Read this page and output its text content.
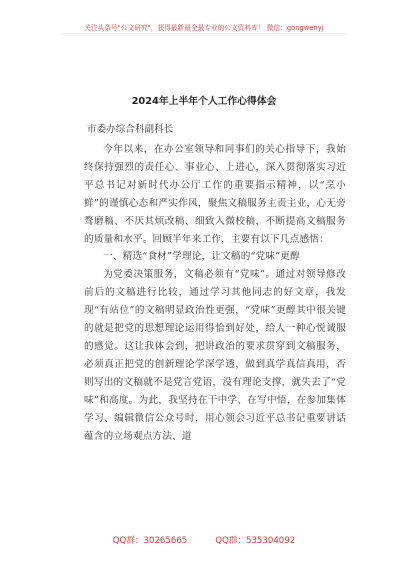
关注头条号"公文研究"，获得最新最全最专业的公文资料库！ 微信：gongwenyj
2024年上半年个人工作心得体会
市委办综合科副科长

今年以来，在办公室领导和同事们的关心指导下，我始终保持强烈的责任心、事业心、上进心，深入贯彻落实习近平总书记对新时代办公厅工作的重要指示精神，以“烹小鲜”的谨慎心态和严实作风，聚焦文稿服务主责主业，心无旁骛磨稿、不厌其烦改稿、细致入微校稿，不断提高文稿服务的质量和水平。回顾半年来工作，主要有以下几点感悟：

一、精选“食材”学理论，让文稿的“党味”更醇

为党委决策服务，文稿必须有“党味”。通过对领导修改前后的文稿进行比较，通过学习其他同志的好文章，我发现“有站位”的文稿明显政治性更强，“党味”更醇其中很关键的就是把党的思想理论运用得恰到好处，给人一种心悦诚服的感觉。这让我体会到，把讲政治的要求贯穿到文稿服务，必须真正把党的创新理论学深学透，做到真学真信真用，否则写出的文稿就不是党言党语，没有理论支撑，就失去了“党味”和高度。为此，我坚持在干中学、在写中悟，在参加集体学习、编辑微信公众号时，用心领会习近平总书记重要讲话蕴含的立场观点方法、道

QQ群：30265665	QQ群：535304092
